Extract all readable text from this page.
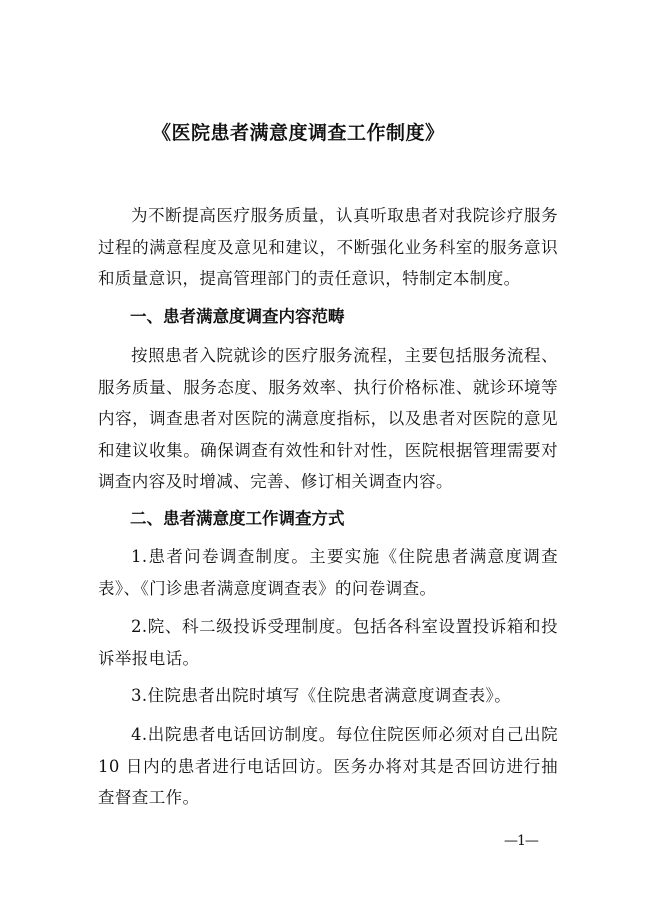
《医院患者满意度调查工作制度》

为不断提高医疗服务质量，认真听取患者对我院诊疗服务过程的满意程度及意见和建议，不断强化业务科室的服务意识和质量意识，提高管理部门的责任意识，特制定本制度。

一、患者满意度调查内容范畴

按照患者入院就诊的医疗服务流程，主要包括服务流程、服务质量、服务态度、服务效率、执行价格标准、就诊环境等内容，调查患者对医院的满意度指标，以及患者对医院的意见和建议收集。确保调查有效性和针对性，医院根据管理需要对调查内容及时增减、完善、修订相关调查内容。

二、患者满意度工作调查方式

1.患者问卷调查制度。主要实施《住院患者满意度调查表》、《门诊患者满意度调查表》的问卷调查。

2.院、科二级投诉受理制度。包括各科室设置投诉箱和投诉举报电话。

3.住院患者出院时填写《住院患者满意度调查表》。

4.出院患者电话回访制度。每位住院医师必须对自己出院 10 日内的患者进行电话回访。医务办将对其是否回访进行抽查督查工作。

—1—
